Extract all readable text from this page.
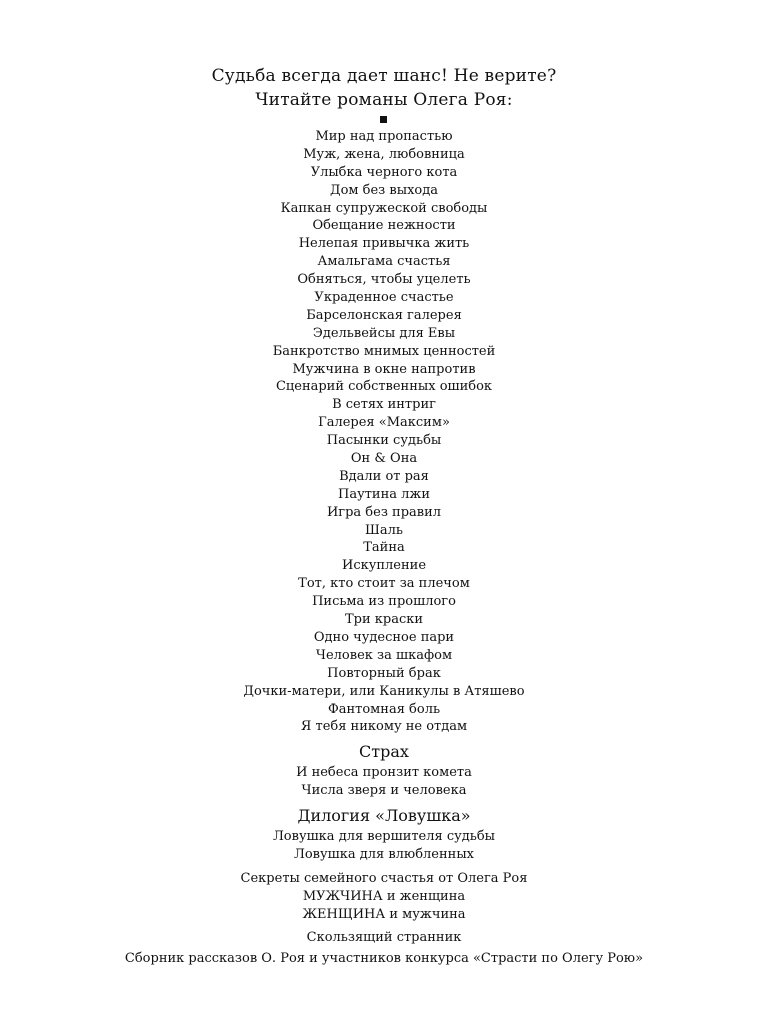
Судьба всегда дает шанс! Не верите?
Читайте романы Олега Роя:
Мир над пропастью
Муж, жена, любовница
Улыбка черного кота
Дом без выхода
Капкан супружеской свободы
Обещание нежности
Нелепая привычка жить
Амальгама счастья
Обняться, чтобы уцелеть
Украденное счастье
Барселонская галерея
Эдельвейсы для Евы
Банкротство мнимых ценностей
Мужчина в окне напротив
Сценарий собственных ошибок
В сетях интриг
Галерея «Максим»
Пасынки судьбы
Он & Она
Вдали от рая
Паутина лжи
Игра без правил
Шаль
Тайна
Искупление
Тот, кто стоит за плечом
Письма из прошлого
Три краски
Одно чудесное пари
Человек за шкафом
Повторный брак
Дочки-матери, или Каникулы в Атяшево
Фантомная боль
Я тебя никому не отдам
Страх
И небеса пронзит комета
Числа зверя и человека
Дилогия «Ловушка»
Ловушка для вершителя судьбы
Ловушка для влюбленных
Секреты семейного счастья от Олега Роя
МУЖЧИНА и женщина
ЖЕНЩИНА и мужчина
Скользящий странник
Сборник рассказов О. Роя и участников конкурса «Страсти по Олегу Рою»
